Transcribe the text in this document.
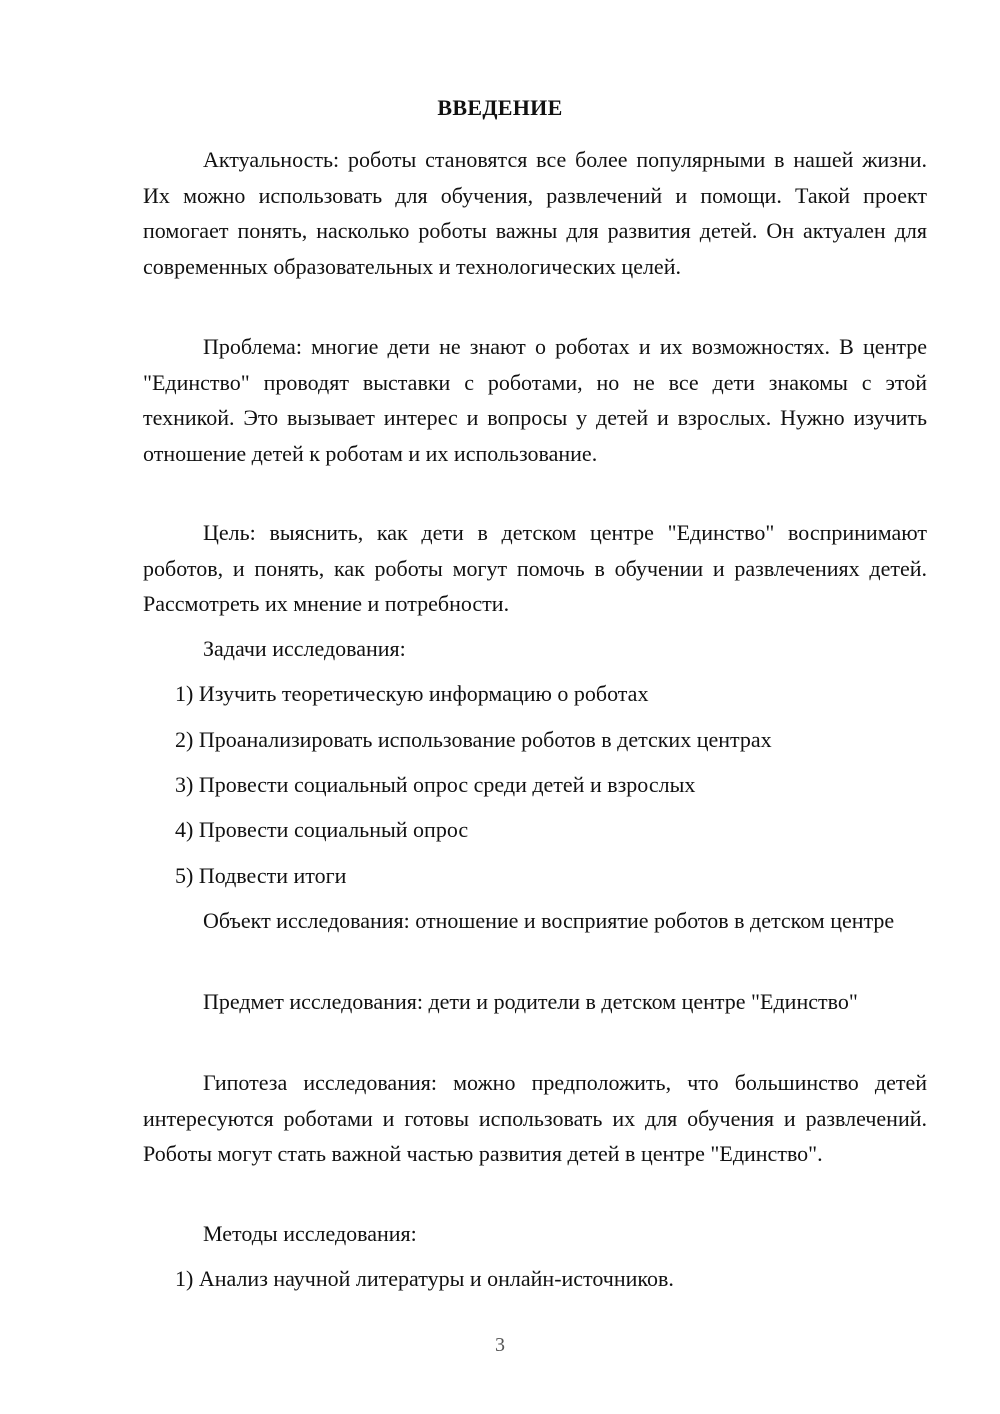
ВВЕДЕНИЕ

Актуальность: роботы становятся все более популярными в нашей жизни. Их можно использовать для обучения, развлечений и помощи. Такой проект помогает понять, насколько роботы важны для развития детей. Он актуален для современных образовательных и технологических целей.

Проблема: многие дети не знают о роботах и их возможностях. В центре "Единство" проводят выставки с роботами, но не все дети знакомы с этой техникой. Это вызывает интерес и вопросы у детей и взрослых. Нужно изучить отношение детей к роботам и их использование.

Цель: выяснить, как дети в детском центре "Единство" воспринимают роботов, и понять, как роботы могут помочь в обучении и развлечениях детей. Рассмотреть их мнение и потребности.

Задачи исследования:

1) Изучить теоретическую информацию о роботах

2) Проанализировать использование роботов в детских центрах

3) Провести социальный опрос среди детей и взрослых

4) Провести социальный опрос

5) Подвести итоги

Объект исследования: отношение и восприятие роботов в детском центре

Предмет исследования: дети и родители в детском центре "Единство"

Гипотеза исследования: можно предположить, что большинство детей интересуются роботами и готовы использовать их для обучения и развлечений. Роботы могут стать важной частью развития детей в центре "Единство".

Методы исследования:

1) Анализ научной литературы и онлайн-источников.

3
